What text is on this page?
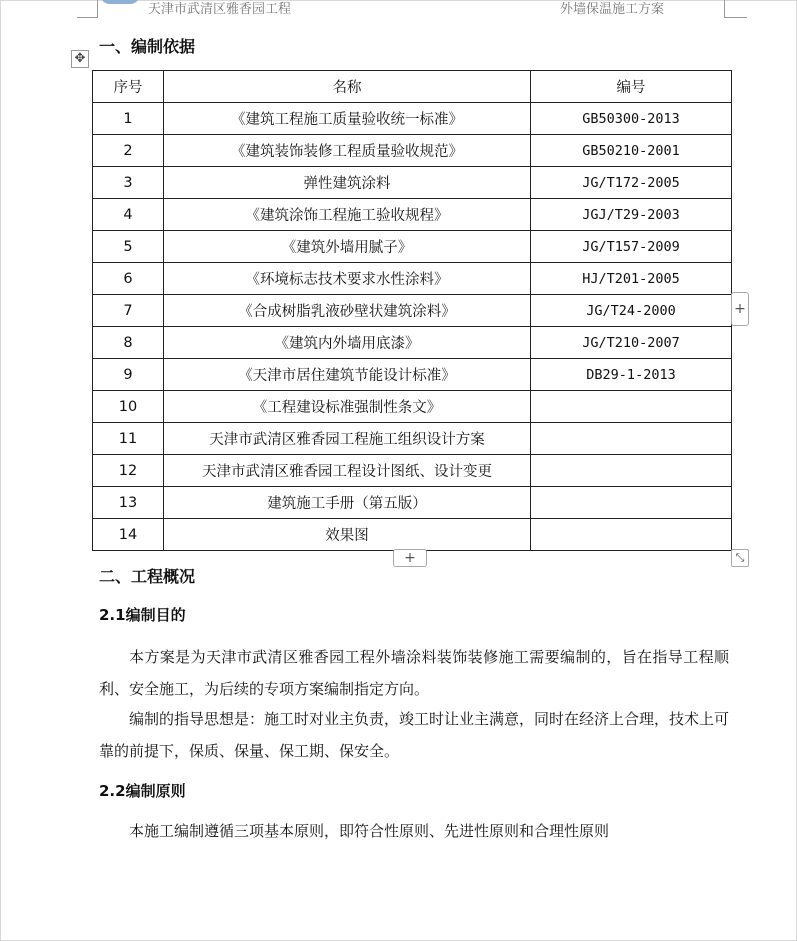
天津市武清区雅香园工程	外墙保温施工方案
一、编制依据
✥
序号	名称	编号
1	《建筑工程施工质量验收统一标准》	GB50300-2013
2	《建筑装饰装修工程质量验收规范》	GB50210-2001
3	弹性建筑涂料	JG/T172-2005
4	《建筑涂饰工程施工验收规程》	JGJ/T29-2003
5	《建筑外墙用腻子》	JG/T157-2009
6	《环境标志技术要求水性涂料》	HJ/T201-2005
7	《合成树脂乳液砂壁状建筑涂料》	JG/T24-2000
8	《建筑内外墙用底漆》	JG/T210-2007
9	《天津市居住建筑节能设计标准》	DB29-1-2013
10	《工程建设标准强制性条文》	
11	天津市武清区雅香园工程施工组织设计方案	
12	天津市武清区雅香园工程设计图纸、设计变更	
13	建筑施工手册（第五版）	
14	效果图	
+
+	⤡
二、工程概况
2.1编制目的
本方案是为天津市武清区雅香园工程外墙涂料装饰装修施工需要编制的，旨在指导工程顺利、安全施工，为后续的专项方案编制指定方向。
编制的指导思想是：施工时对业主负责，竣工时让业主满意，同时在经济上合理，技术上可靠的前提下，保质、保量、保工期、保安全。
2.2编制原则
本施工编制遵循三项基本原则，即符合性原则、先进性原则和合理性原则
